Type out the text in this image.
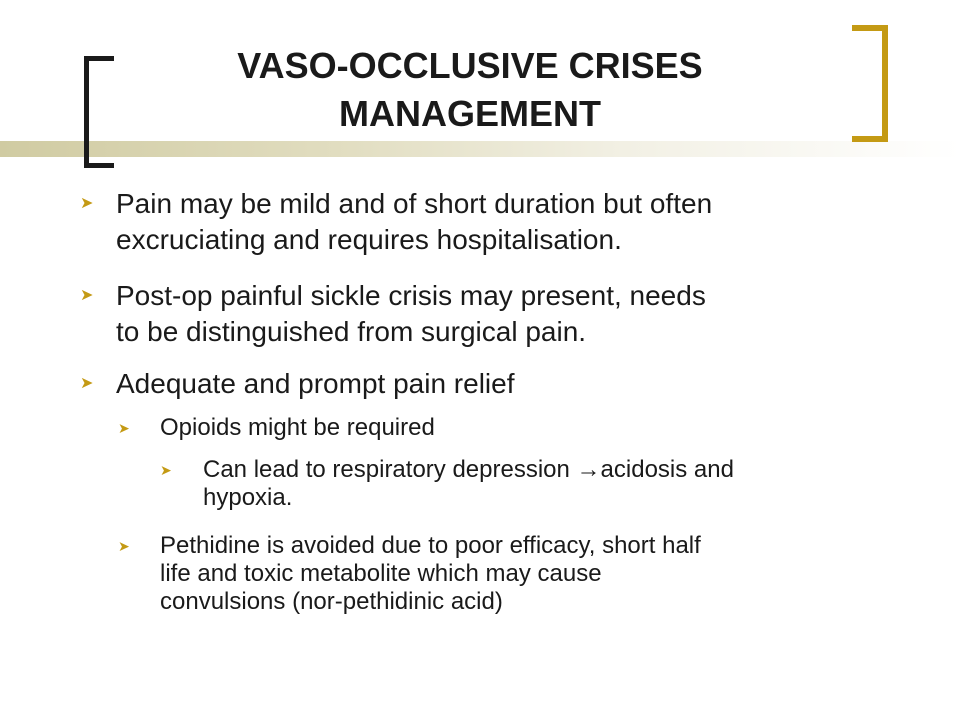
VASO-OCCLUSIVE CRISES
MANAGEMENT
➤ Pain may be mild and of short duration but often
excruciating and requires hospitalisation.
➤ Post-op painful sickle crisis may present, needs
to be distinguished from surgical pain.
➤ Adequate and prompt pain relief
➤ Opioids might be required
➤ Can lead to respiratory depression →acidosis and
hypoxia.
➤ Pethidine is avoided due to poor efficacy, short half
life and toxic metabolite which may cause
convulsions (nor-pethidinic acid)
